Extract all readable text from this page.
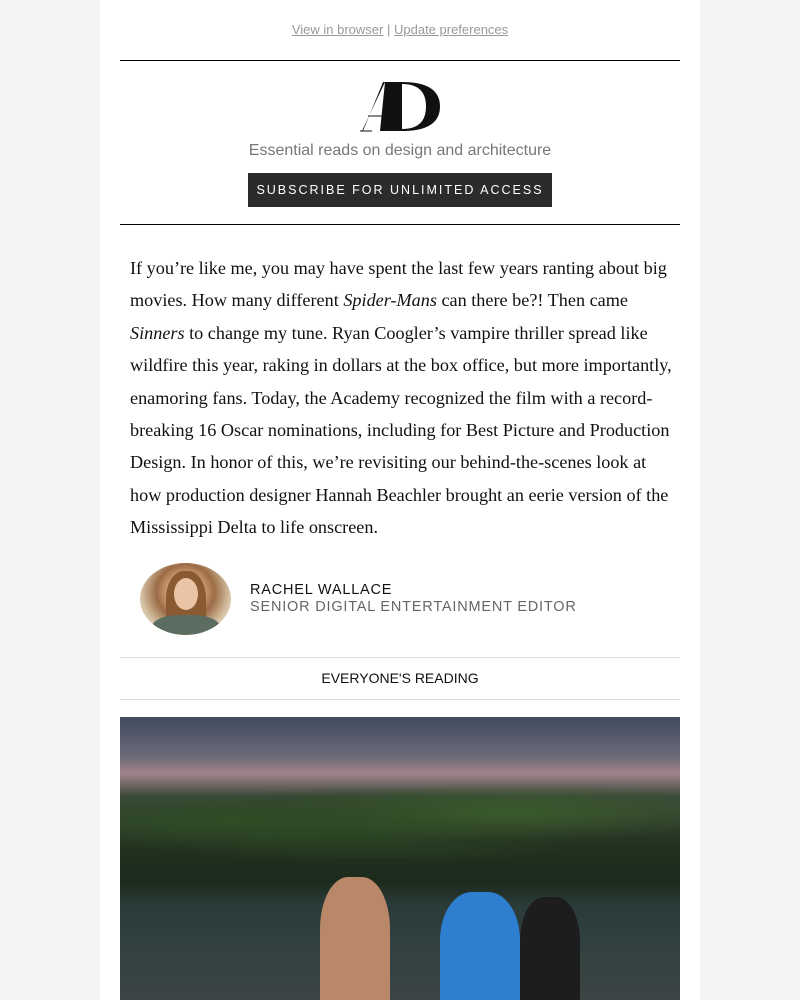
View in browser | Update preferences
Essential reads on design and architecture
SUBSCRIBE FOR UNLIMITED ACCESS
If you’re like me, you may have spent the last few years ranting about big movies. How many different Spider-Mans can there be?! Then came Sinners to change my tune. Ryan Coogler’s vampire thriller spread like wildfire this year, raking in dollars at the box office, but more importantly, enamoring fans. Today, the Academy recognized the film with a record-breaking 16 Oscar nominations, including for Best Picture and Production Design. In honor of this, we’re revisiting our behind-the-scenes look at how production designer Hannah Beachler brought an eerie version of the Mississippi Delta to life onscreen.
RACHEL WALLACE
SENIOR DIGITAL ENTERTAINMENT EDITOR
EVERYONE'S READING
